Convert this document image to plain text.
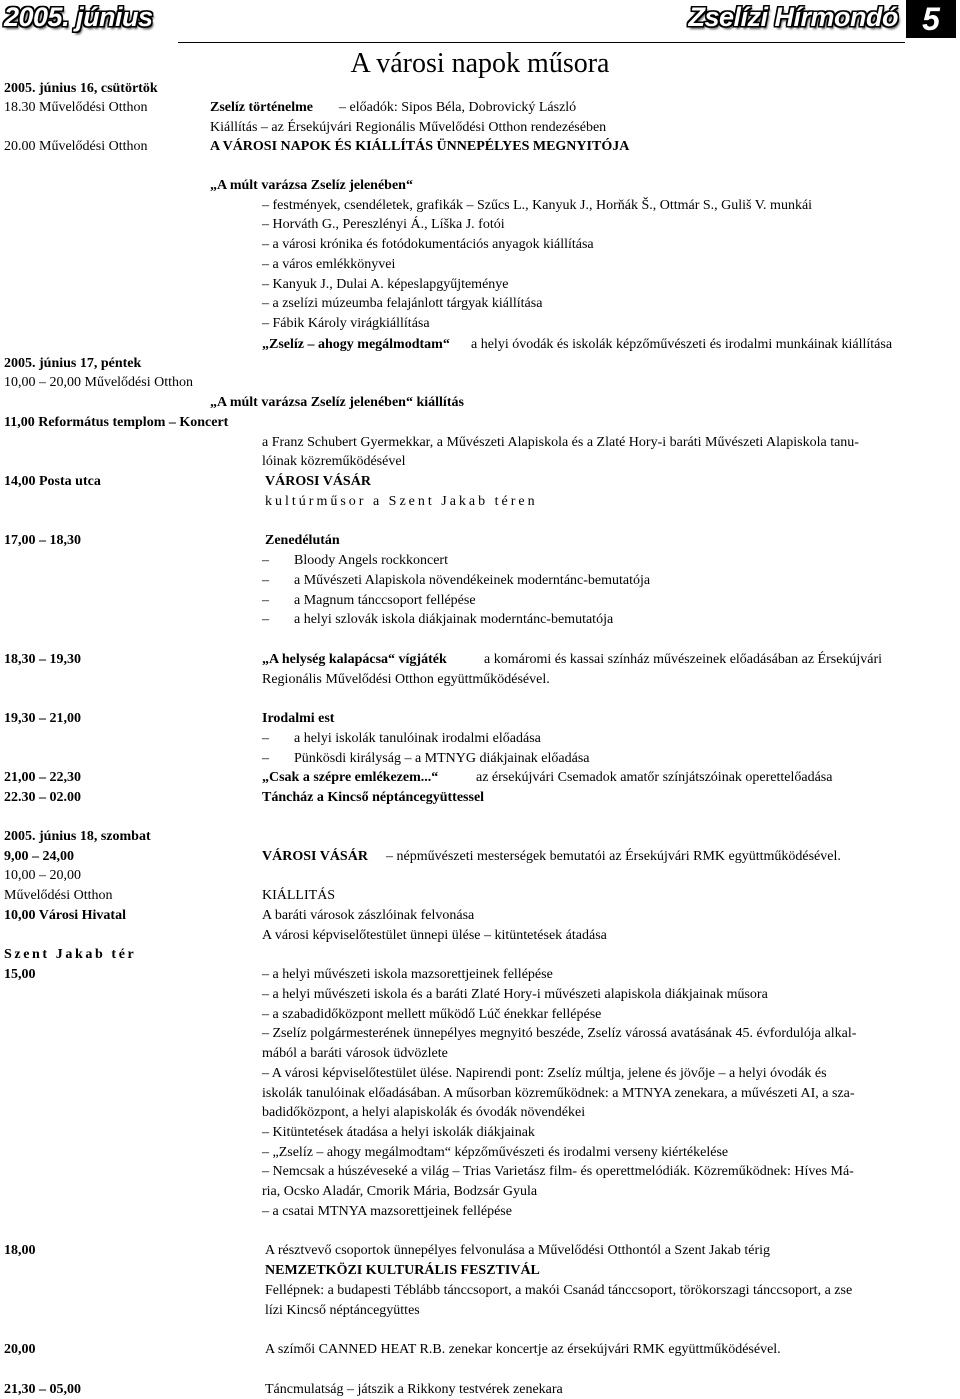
2005. június	Zselízi Hírmondó 5
A városi napok műsora
2005. június 16, csütörtök
18.30 Művelődési Otthon	Zselíz történelme – előadók: Sipos Béla, Dobrovický László
Kiállítás – az Érsekújvári Regionális Művelődési Otthon rendezésében
20.00 Művelődési Otthon	A VÁROSI NAPOK ÉS KIÁLLÍTÁS ÜNNEPÉLYES MEGNYITÓJA
„A múlt varázsa Zselíz jelenében“
– festmények, csendéletek, grafikák – Szűcs L., Kanyuk J., Horňák Š., Ottmár S., Guliš V. munkái
– Horváth G., Pereszlényi Á., Líška J. fotói
– a városi krónika és fotódokumentációs anyagok kiállítása
– a város emlékkönyvei
– Kanyuk J., Dulai A. képeslapgyűjteménye
– a zselízi múzeumba felajánlott tárgyak kiállítása
– Fábik Károly virágkiállítása
„Zselíz – ahogy megálmodtam“ a helyi óvodák és iskolák képzőművészeti és irodalmi munkáinak kiállítása
2005. június 17, péntek
10,00 – 20,00 Művelődési Otthon
„A múlt varázsa Zselíz jelenében“ kiállítás
11,00 Református templom – Koncert
a Franz Schubert Gyermekkar, a Művészeti Alapiskola és a Zlaté Hory-i baráti Művészeti Alapiskola tanu-
lóinak közreműködésével
14,00 Posta utca	VÁROSI VÁSÁR
kultúrműsor a Szent Jakab téren
17,00 – 18,30	Zenedélután
– Bloody Angels rockkoncert
– a Művészeti Alapiskola növendékeinek moderntánc-bemutatója
– a Magnum tánccsoport fellépése
– a helyi szlovák iskola diákjainak moderntánc-bemutatója
18,30 – 19,30	„A helység kalapácsa“ vígjáték	a komáromi és kassai színház művészeinek előadásában az Érsekújvári
Regionális Művelődési Otthon együttműködésével.
19,30 – 21,00	Irodalmi est
– a helyi iskolák tanulóinak irodalmi előadása
– Pünkösdi királyság – a MTNYG diákjainak előadása
21,00 – 22,30	„Csak a szépre emlékezem...“	az érsekújvári Csemadok amatőr színjátszóinak operettelőadása
22.30 – 02.00	Táncház a Kincső néptáncegyüttessel
2005. június 18, szombat
9,00 – 24,00	VÁROSI VÁSÁR – népművészeti mesterségek bemutatói az Érsekújvári RMK együttműködésével.
10,00 – 20,00
Művelődési Otthon	KIÁLLITÁS
10,00 Városi Hivatal	A baráti városok zászlóinak felvonása
A városi képviselőtestület ünnepi ülése – kitüntetések átadása
Szent Jakab tér
15,00	– a helyi művészeti iskola mazsorettjeinek fellépése
– a helyi művészeti iskola és a baráti Zlaté Hory-i művészeti alapiskola diákjainak műsora
– a szabadidőközpont mellett működő Lúč énekkar fellépése
– Zselíz polgármesterének ünnepélyes megnyitó beszéde, Zselíz várossá avatásának 45. évfordulója alkal-
mából a baráti városok üdvözlete
– A városi képviselőtestület ülése. Napirendi pont: Zselíz múltja, jelene és jövője – a helyi óvodák és
iskolák tanulóinak előadásában. A műsorban közreműködnek: a MTNYA zenekara, a művészeti AI, a sza-
badidőközpont, a helyi alapiskolák és óvodák növendékei
– Kitüntetések átadása a helyi iskolák diákjainak
– „Zselíz – ahogy megálmodtam“ képzőművészeti és irodalmi verseny kiértékelése
– Nemcsak a húszéveseké a világ – Trias Varietász film- és operettmelódiák. Közreműködnek: Híves Má-
ria, Ocsko Aladár, Cmorik Mária, Bodzsár Gyula
– a csatai MTNYA mazsorettjeinek fellépése
18,00	A résztvevő csoportok ünnepélyes felvonulása a Művelődési Otthontól a Szent Jakab térig
NEMZETKÖZI KULTURÁLIS FESZTIVÁL
Fellépnek: a budapesti Téblább tánccsoport, a makói Csanád tánccsoport, törökorszagi tánccsoport, a zse
lízi Kincső néptáncegyüttes
20,00	A szímői CANNED HEAT R.B. zenekar koncertje az érsekújvári RMK együttműködésével.
21,30 – 05,00	Táncmulatság – játszik a Rikkony testvérek zenekara
